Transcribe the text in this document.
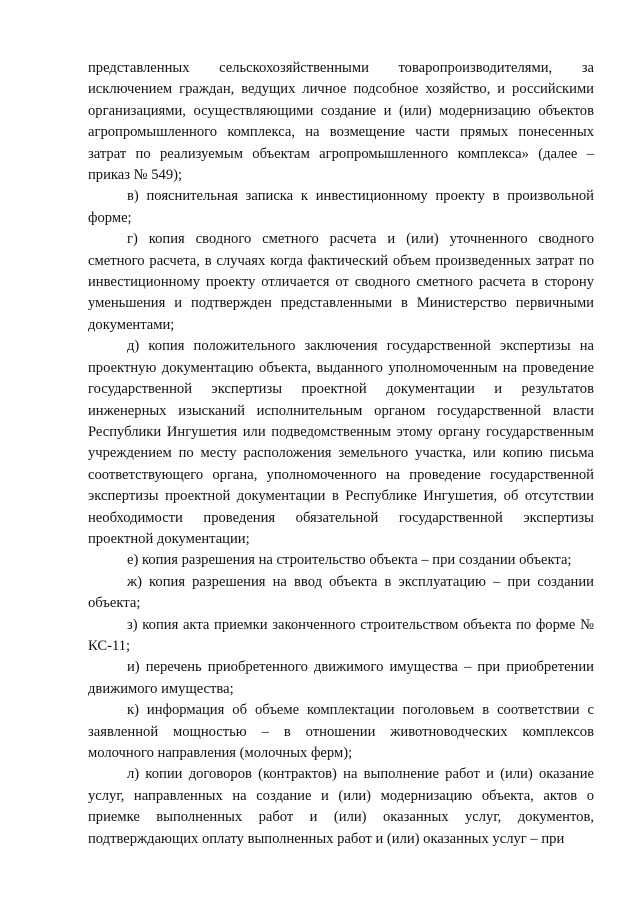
представленных сельскохозяйственными товаропроизводителями, за исключением граждан, ведущих личное подсобное хозяйство, и российскими организациями, осуществляющими создание и (или) модернизацию объектов агропромышленного комплекса, на возмещение части прямых понесенных затрат по реализуемым объектам агропромышленного комплекса» (далее – приказ № 549);

в) пояснительная записка к инвестиционному проекту в произвольной форме;

г) копия сводного сметного расчета и (или) уточненного сводного сметного расчета, в случаях когда фактический объем произведенных затрат по инвестиционному проекту отличается от сводного сметного расчета в сторону уменьшения и подтвержден представленными в Министерство первичными документами;

д) копия положительного заключения государственной экспертизы на проектную документацию объекта, выданного уполномоченным на проведение государственной экспертизы проектной документации и результатов инженерных изысканий исполнительным органом государственной власти Республики Ингушетия или подведомственным этому органу государственным учреждением по месту расположения земельного участка, или копию письма соответствующего органа, уполномоченного на проведение государственной экспертизы проектной документации в Республике Ингушетия, об отсутствии необходимости проведения обязательной государственной экспертизы проектной документации;

е) копия разрешения на строительство объекта – при создании объекта;

ж) копия разрешения на ввод объекта в эксплуатацию – при создании объекта;

з) копия акта приемки законченного строительством объекта по форме № КС-11;

и) перечень приобретенного движимого имущества – при приобретении движимого имущества;

к) информация об объеме комплектации поголовьем в соответствии с заявленной мощностью – в отношении животноводческих комплексов молочного направления (молочных ферм);

л) копии договоров (контрактов) на выполнение работ и (или) оказание услуг, направленных на создание и (или) модернизацию объекта, актов о приемке выполненных работ и (или) оказанных услуг, документов, подтверждающих оплату выполненных работ и (или) оказанных услуг – при
